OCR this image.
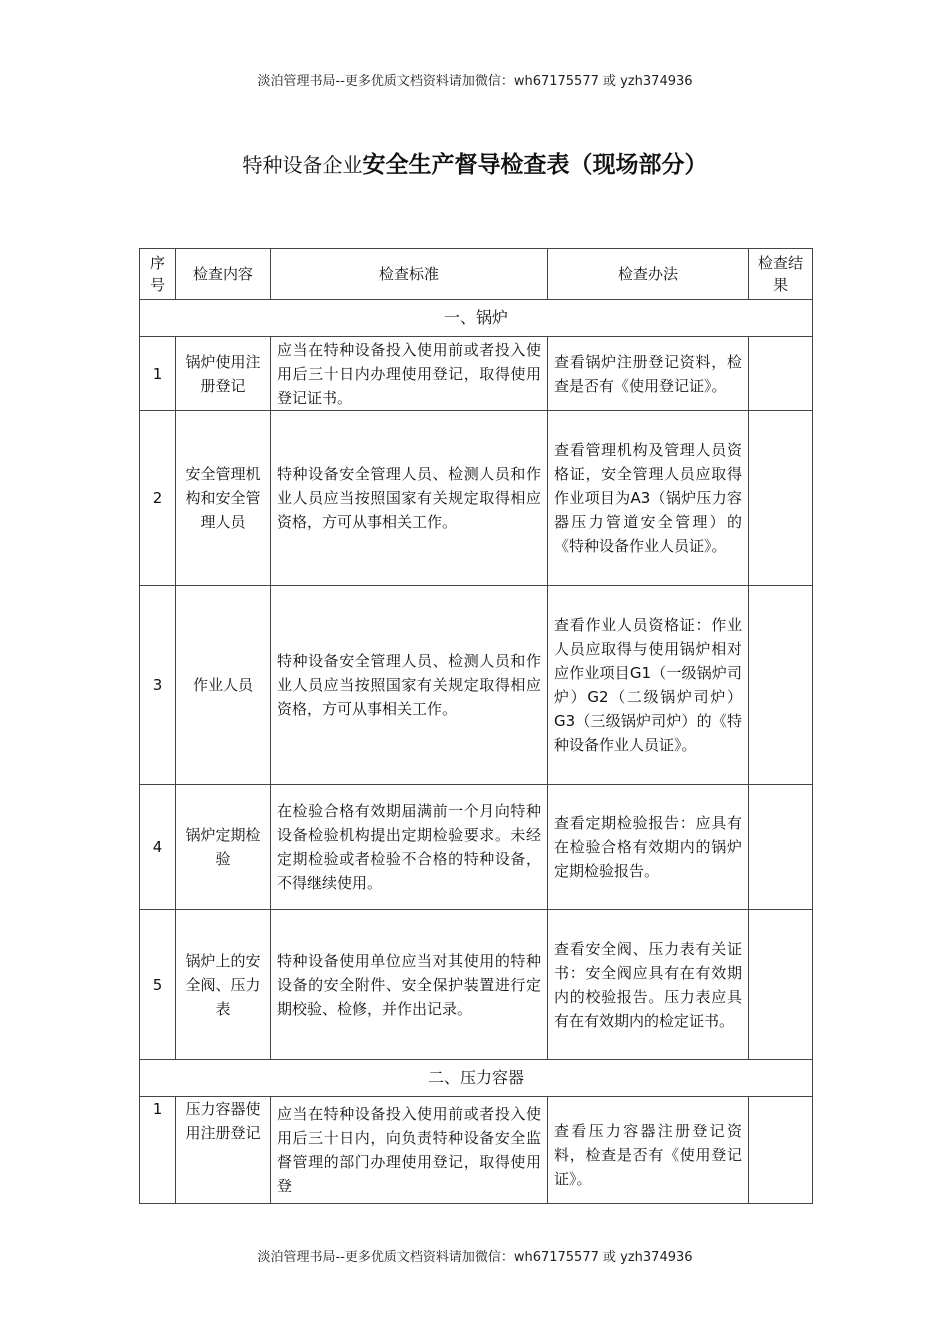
淡泊管理书局--更多优质文档资料请加微信：wh67175577 或 yzh374936
特种设备企业安全生产督导检查表（现场部分）
序号	检查内容	检查标准	检查办法	检查结果
一、锅炉				
1	锅炉使用注册登记	应当在特种设备投入使用前或者投入使用后三十日内办理使用登记，取得使用登记证书。	查看锅炉注册登记资料，检查是否有《使用登记证》。	
2	安全管理机构和安全管理人员	特种设备安全管理人员、检测人员和作业人员应当按照国家有关规定取得相应资格，方可从事相关工作。	查看管理机构及管理人员资格证，安全管理人员应取得作业项目为A3（锅炉压力容器压力管道安全管理）的《特种设备作业人员证》。	
3	作业人员	特种设备安全管理人员、检测人员和作业人员应当按照国家有关规定取得相应资格，方可从事相关工作。	查看作业人员资格证：作业人员应取得与使用锅炉相对应作业项目G1（一级锅炉司炉）G2（二级锅炉司炉）G3（三级锅炉司炉）的《特种设备作业人员证》。	
4	锅炉定期检验	在检验合格有效期届满前一个月向特种设备检验机构提出定期检验要求。未经定期检验或者检验不合格的特种设备，不得继续使用。	查看定期检验报告：应具有在检验合格有效期内的锅炉定期检验报告。	
5	锅炉上的安全阀、压力表	特种设备使用单位应当对其使用的特种设备的安全附件、安全保护装置进行定期校验、检修，并作出记录。	查看安全阀、压力表有关证书：安全阀应具有在有效期内的校验报告。压力表应具有在有效期内的检定证书。	
二、压力容器				
1	压力容器使用注册登记	应当在特种设备投入使用前或者投入使用后三十日内，向负责特种设备安全监督管理的部门办理使用登记，取得使用登	查看压力容器注册登记资料，检查是否有《使用登记证》。	
淡泊管理书局--更多优质文档资料请加微信：wh67175577 或 yzh374936
